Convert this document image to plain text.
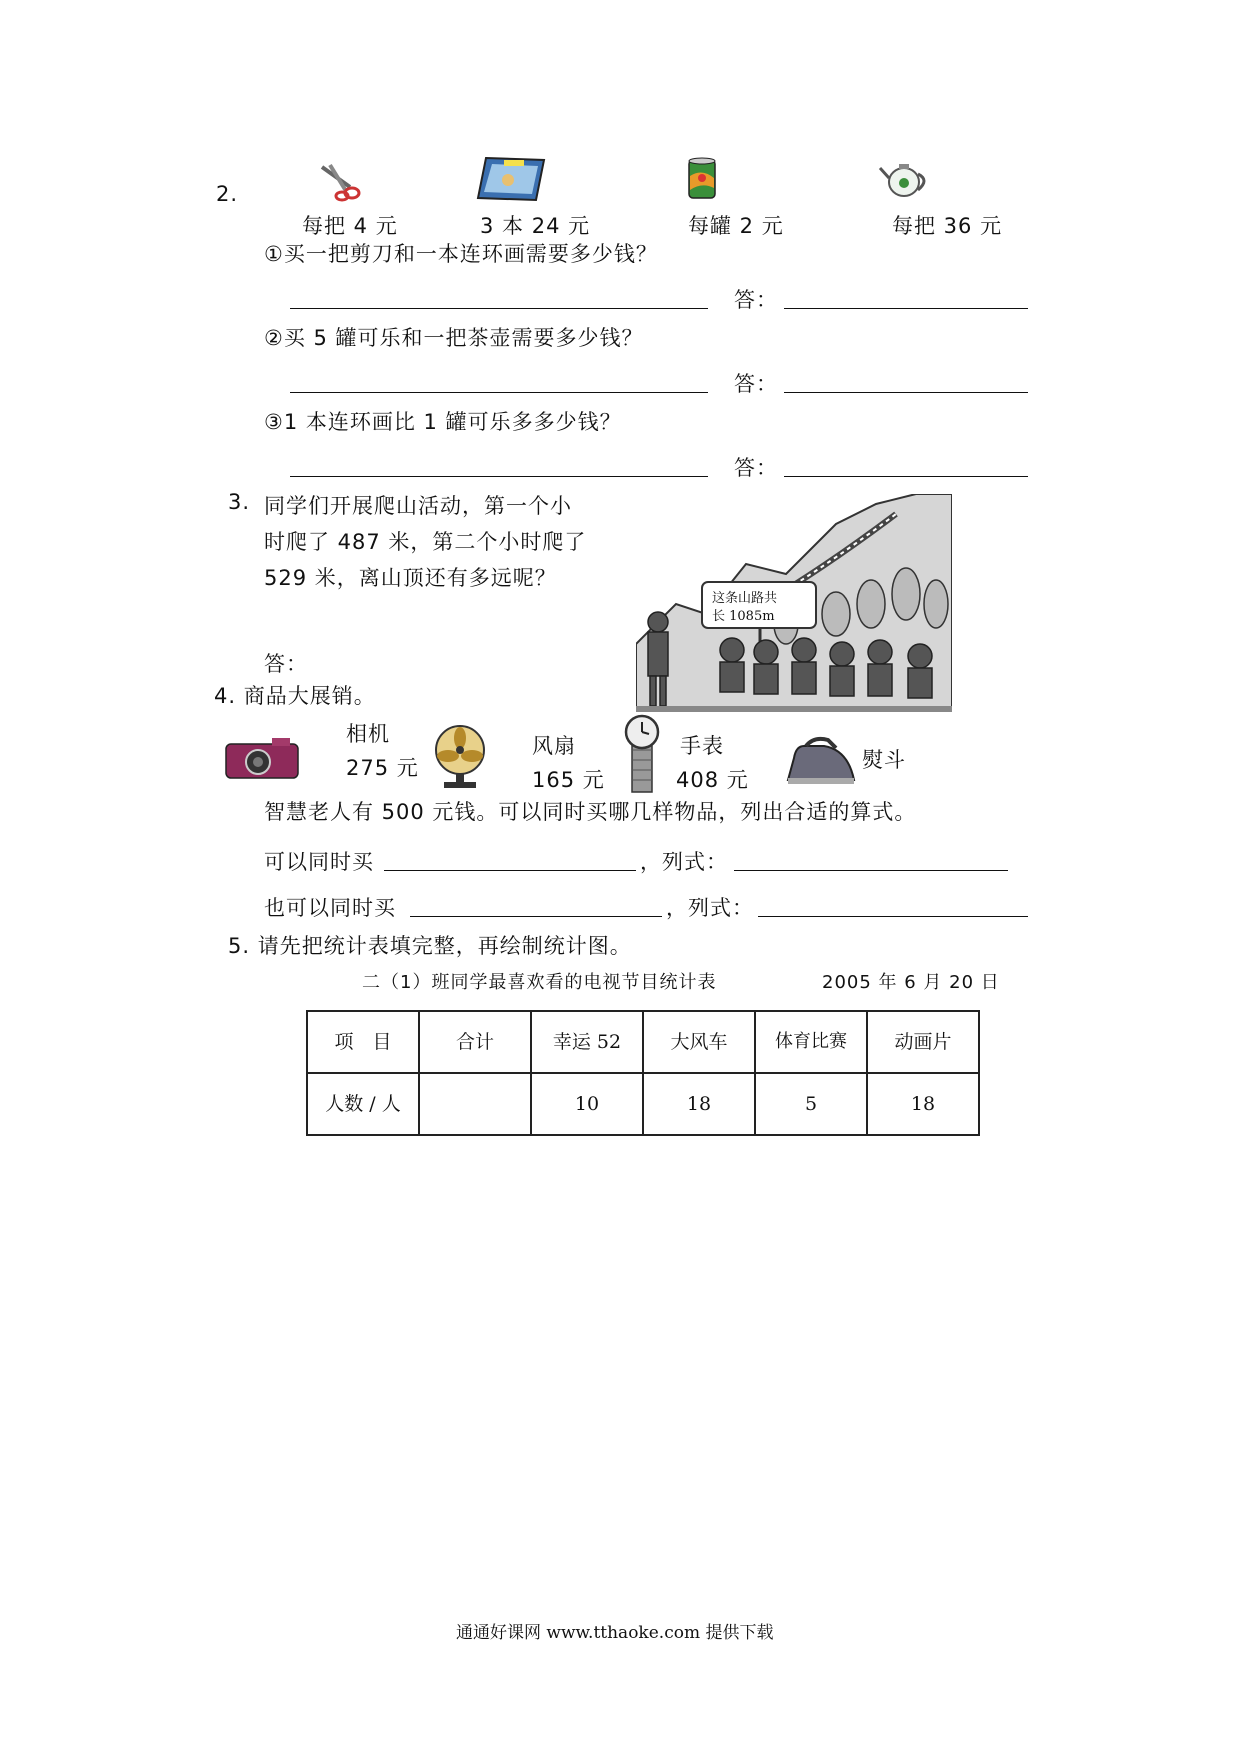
2.
每把 4 元	3 本 24 元	每罐 2 元	每把 36 元
①买一把剪刀和一本连环画需要多少钱？
答：
②买 5 罐可乐和一把茶壶需要多少钱？
答：
③1 本连环画比 1 罐可乐多多少钱？
答：
3. 同学们开展爬山活动，第一个小
时爬了 487 米，第二个小时爬了
529 米，离山顶还有多远呢？
答：
这条山路共
长 1085m
4. 商品大展销。
相机
275 元
风扇
165 元
手表
408 元
熨斗
智慧老人有 500 元钱。可以同时买哪几样物品，列出合适的算式。
可以同时买	，列式：
也可以同时买	，列式：
5. 请先把统计表填完整，再绘制统计图。
二（1）班同学最喜欢看的电视节目统计表	2005 年 6 月 20 日
项　目	合计	幸运 52	大风车	体育比赛	动画片
人数 / 人		10	18	5	18
通通好课网 www.tthaoke.com 提供下载
